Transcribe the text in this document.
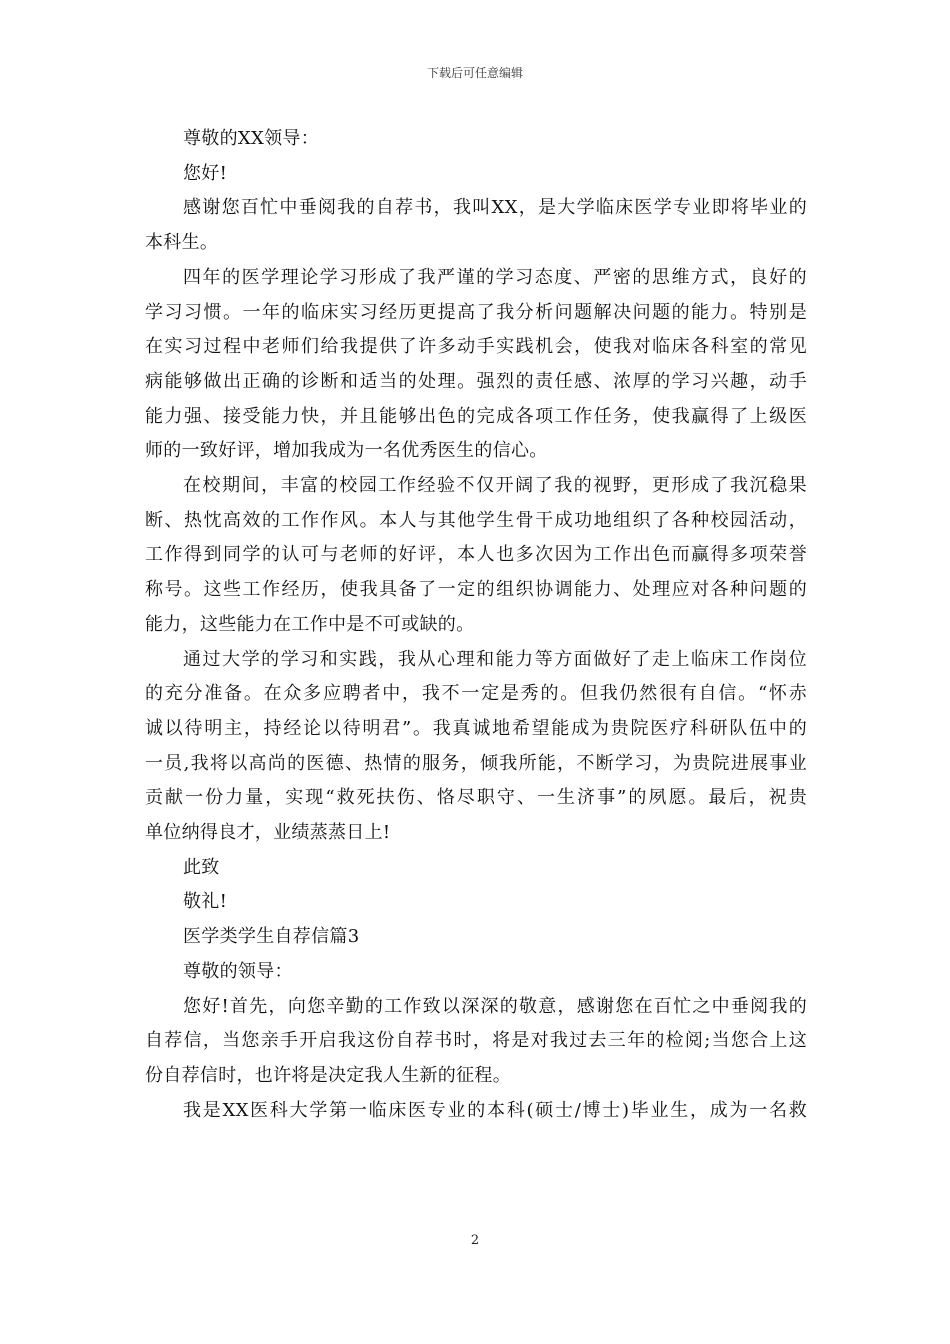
下载后可任意编辑
尊敬的XX领导：
您好!
感谢您百忙中垂阅我的自荐书，我叫XX，是大学临床医学专业即将毕业的
本科生。
四年的医学理论学习形成了我严谨的学习态度、严密的思维方式，良好的
学习习惯。一年的临床实习经历更提高了我分析问题解决问题的能力。特别是
在实习过程中老师们给我提供了许多动手实践机会，使我对临床各科室的常见
病能够做出正确的诊断和适当的处理。强烈的责任感、浓厚的学习兴趣，动手
能力强、接受能力快，并且能够出色的完成各项工作任务，使我赢得了上级医
师的一致好评，增加我成为一名优秀医生的信心。
在校期间，丰富的校园工作经验不仅开阔了我的视野，更形成了我沉稳果
断、热忱高效的工作作风。本人与其他学生骨干成功地组织了各种校园活动，
工作得到同学的认可与老师的好评，本人也多次因为工作出色而赢得多项荣誉
称号。这些工作经历，使我具备了一定的组织协调能力、处理应对各种问题的
能力，这些能力在工作中是不可或缺的。
通过大学的学习和实践，我从心理和能力等方面做好了走上临床工作岗位
的充分准备。在众多应聘者中，我不一定是秀的。但我仍然很有自信。“怀赤
诚以待明主，持经论以待明君”。我真诚地希望能成为贵院医疗科研队伍中的
一员,我将以高尚的医德、热情的服务，倾我所能，不断学习，为贵院进展事业
贡献一份力量，实现“救死扶伤、恪尽职守、一生济事”的夙愿。最后，祝贵
单位纳得良才，业绩蒸蒸日上!
此致
敬礼!
医学类学生自荐信篇3
尊敬的领导：
您好!首先，向您辛勤的工作致以深深的敬意，感谢您在百忙之中垂阅我的
自荐信，当您亲手开启我这份自荐书时，将是对我过去三年的检阅;当您合上这
份自荐信时，也许将是决定我人生新的征程。
我是XX医科大学第一临床医专业的本科(硕士/博士)毕业生，成为一名救
2
